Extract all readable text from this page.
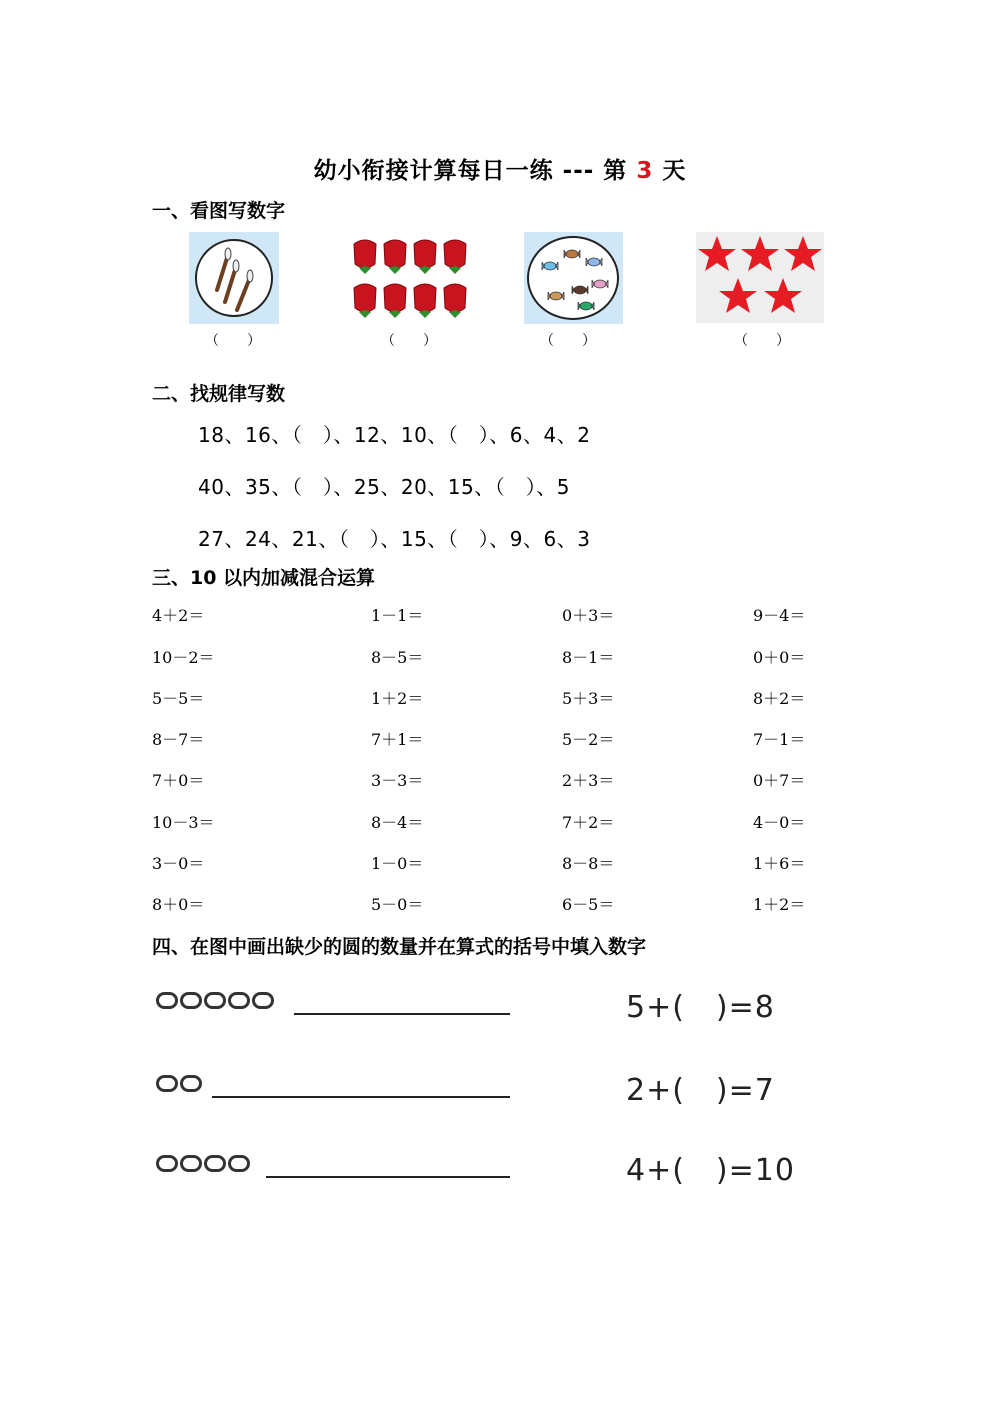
幼小衔接计算每日一练 --- 第 3 天
一、看图写数字
（　　）	（　　）	（　　）	（　　）
二、找规律写数
18、16、（　）、12、10、（　）、6、4、2
40、35、（　）、25、20、15、（　）、5
27、24、21、（　）、15、（　）、9、6、3
三、10 以内加减混合运算
4＋2＝	1－1＝	0＋3＝	9－4＝
10－2＝	8－5＝	8－1＝	0＋0＝
5－5＝	1＋2＝	5＋3＝	8＋2＝
8－7＝	7＋1＝	5－2＝	7－1＝
7＋0＝	3－3＝	2＋3＝	0＋7＝
10－3＝	8－4＝	7＋2＝	4－0＝
3－0＝	1－0＝	8－8＝	1＋6＝
8＋0＝	5－0＝	6－5＝	1＋2＝
四、在图中画出缺少的圆的数量并在算式的括号中填入数字
5+(　)=8
2+(　)=7
4+(　)=10
